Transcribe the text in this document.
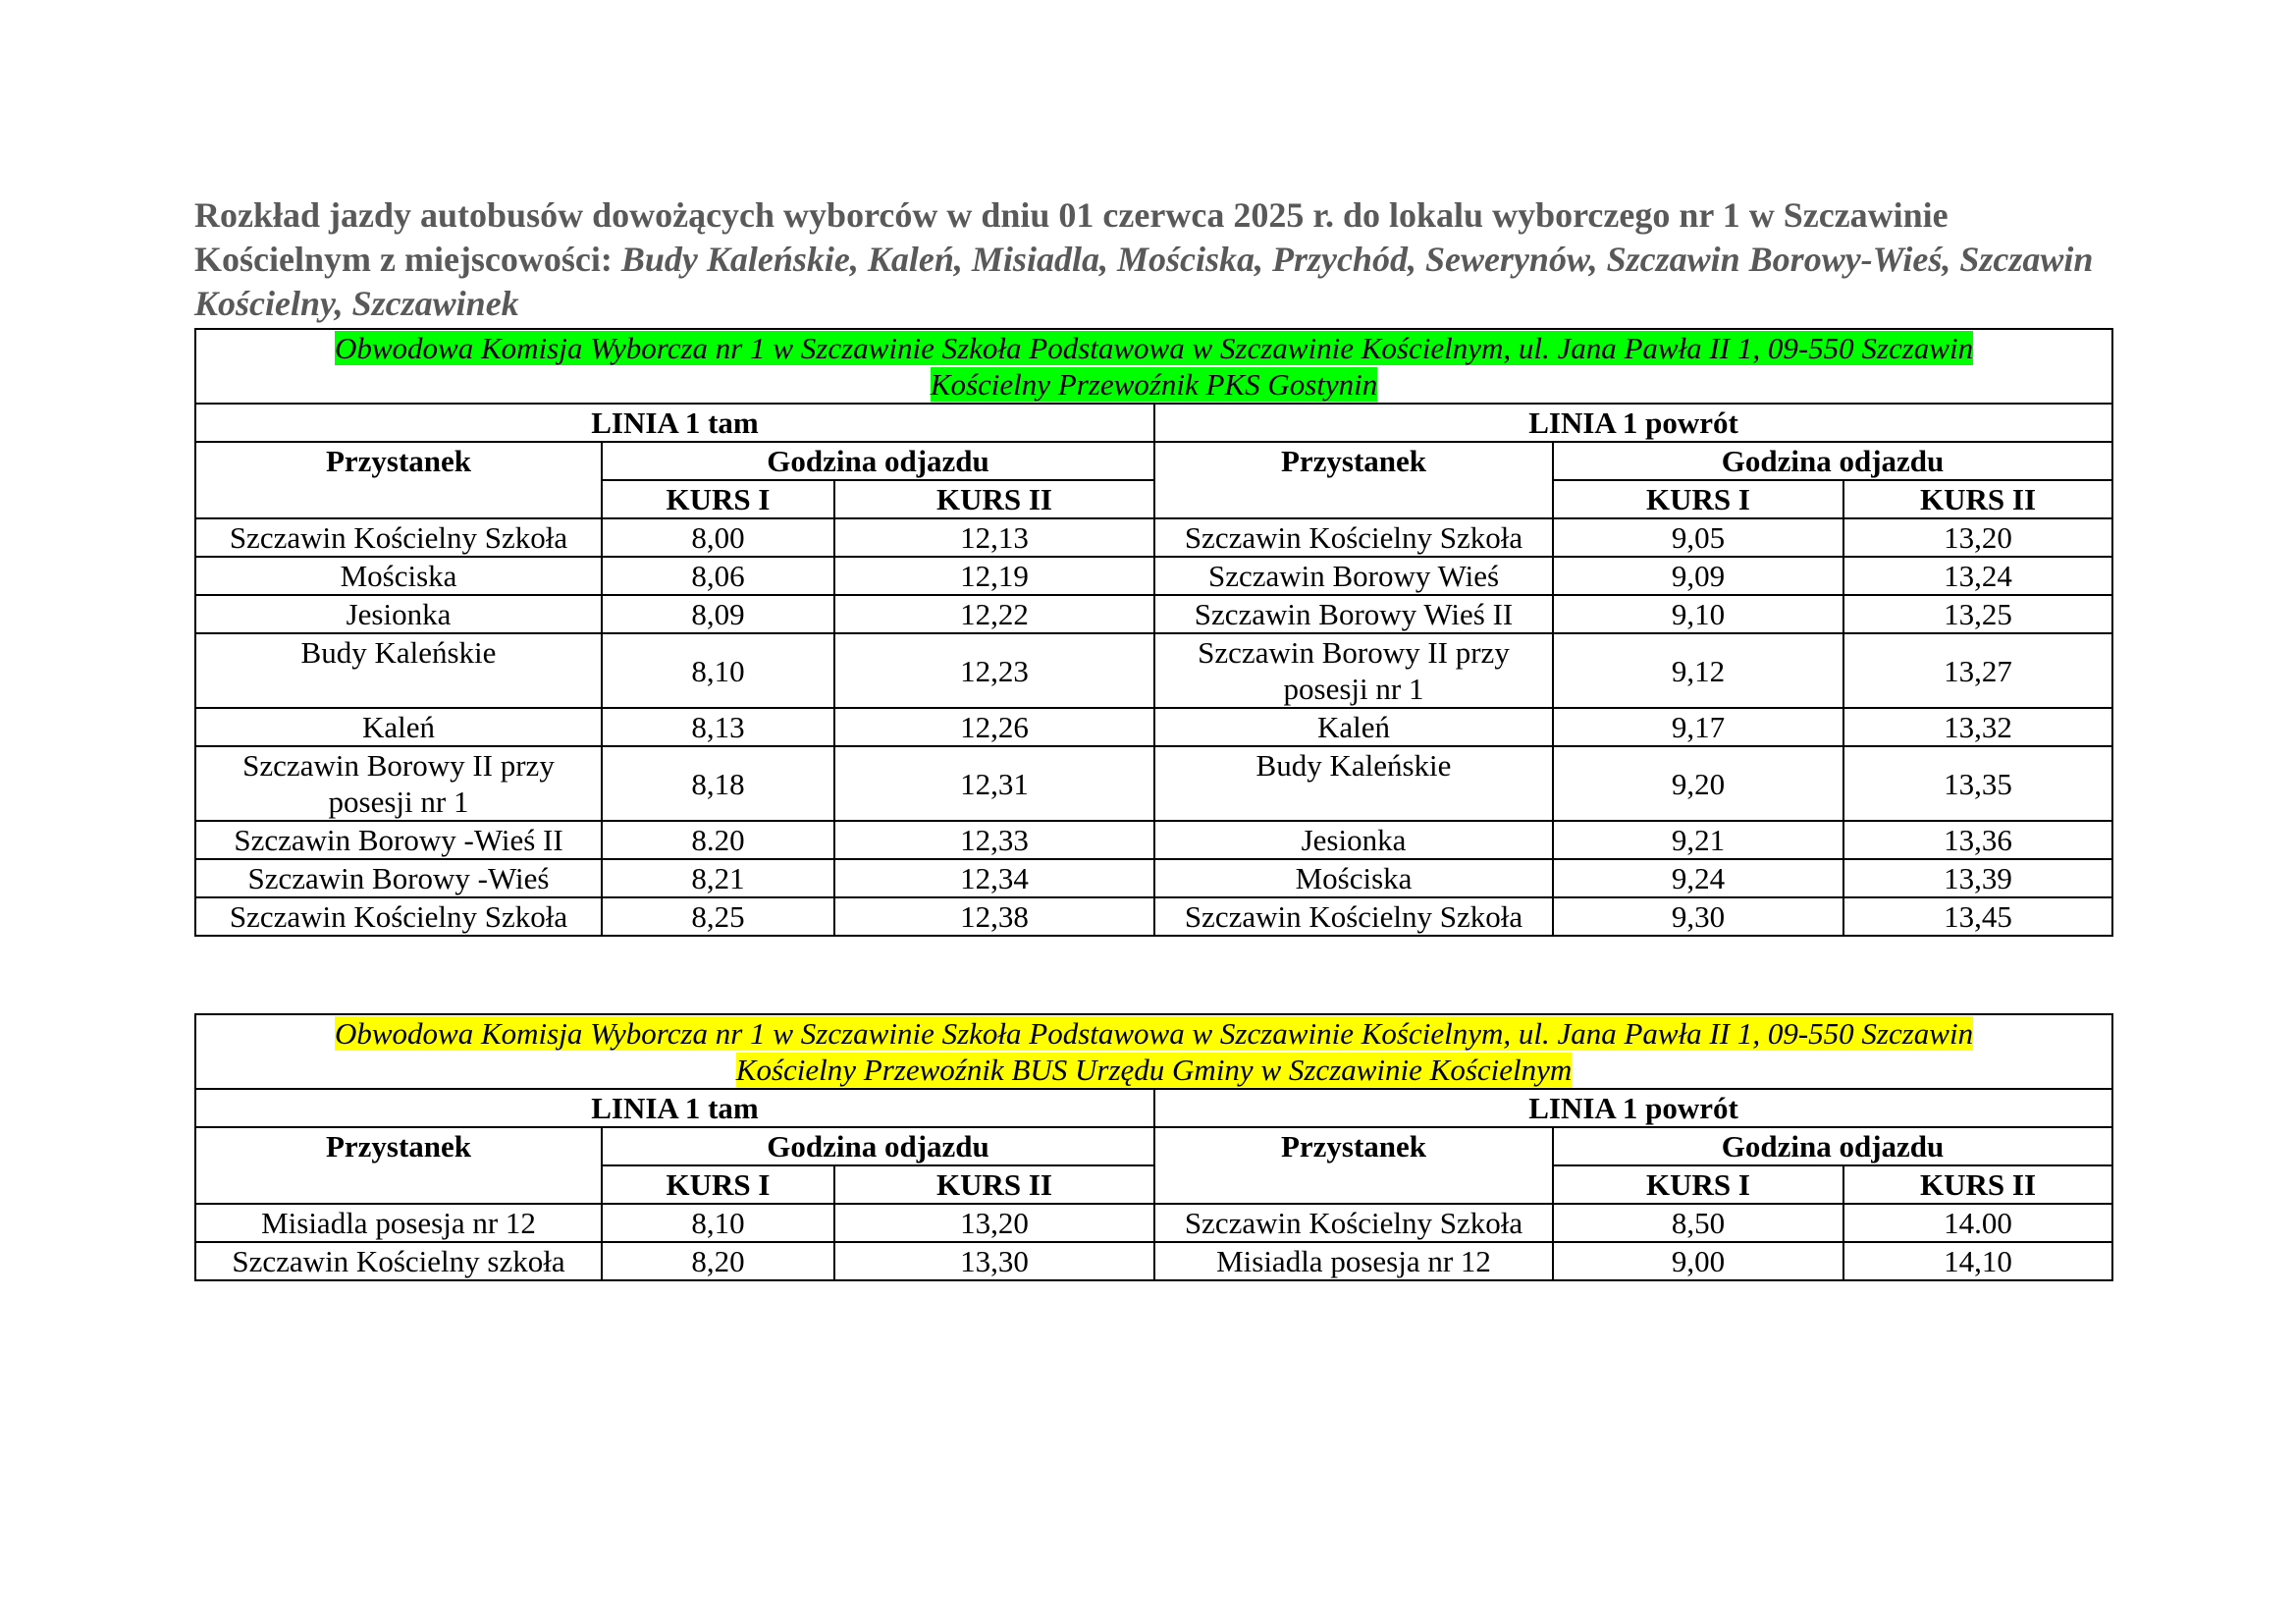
Rozkład jazdy autobusów dowożących wyborców w dniu 01 czerwca 2025 r. do lokalu wyborczego nr 1 w Szczawinie Kościelnym z miejscowości: Budy Kaleńskie, Kaleń, Misiadla, Mościska, Przychód, Sewerynów, Szczawin Borowy-Wieś, Szczawin Kościelny, Szczawinek
Obwodowa Komisja Wyborcza nr 1 w Szczawinie Szkoła Podstawowa w Szczawinie Kościelnym, ul. Jana Pawła II 1, 09-550 Szczawin
Kościelny Przewoźnik PKS Gostynin					
LINIA 1 tam			LINIA 1 powrót		
Przystanek	Godzina odjazdu		Przystanek	Godzina odjazdu	
	KURS I	KURS II		KURS I	KURS II
Szczawin Kościelny Szkoła	8,00	12,13	Szczawin Kościelny Szkoła	9,05	13,20
Mościska	8,06	12,19	Szczawin Borowy Wieś	9,09	13,24
Jesionka	8,09	12,22	Szczawin Borowy Wieś II	9,10	13,25
Budy Kaleńskie	8,10	12,23	Szczawin Borowy II przy posesji nr 1	9,12	13,27
Kaleń	8,13	12,26	Kaleń	9,17	13,32
Szczawin Borowy II przy posesji nr 1	8,18	12,31	Budy Kaleńskie	9,20	13,35
Szczawin Borowy -Wieś II	8.20	12,33	Jesionka	9,21	13,36
Szczawin Borowy -Wieś	8,21	12,34	Mościska	9,24	13,39
Szczawin Kościelny Szkoła	8,25	12,38	Szczawin Kościelny Szkoła	9,30	13,45
Obwodowa Komisja Wyborcza nr 1 w Szczawinie Szkoła Podstawowa w Szczawinie Kościelnym, ul. Jana Pawła II 1, 09-550 Szczawin
Kościelny Przewoźnik BUS Urzędu Gminy w Szczawinie Kościelnym					
LINIA 1 tam			LINIA 1 powrót		
Przystanek	Godzina odjazdu		Przystanek	Godzina odjazdu	
	KURS I	KURS II		KURS I	KURS II
Misiadla posesja nr 12	8,10	13,20	Szczawin Kościelny Szkoła	8,50	14.00
Szczawin Kościelny szkoła	8,20	13,30	Misiadla posesja nr 12	9,00	14,10
